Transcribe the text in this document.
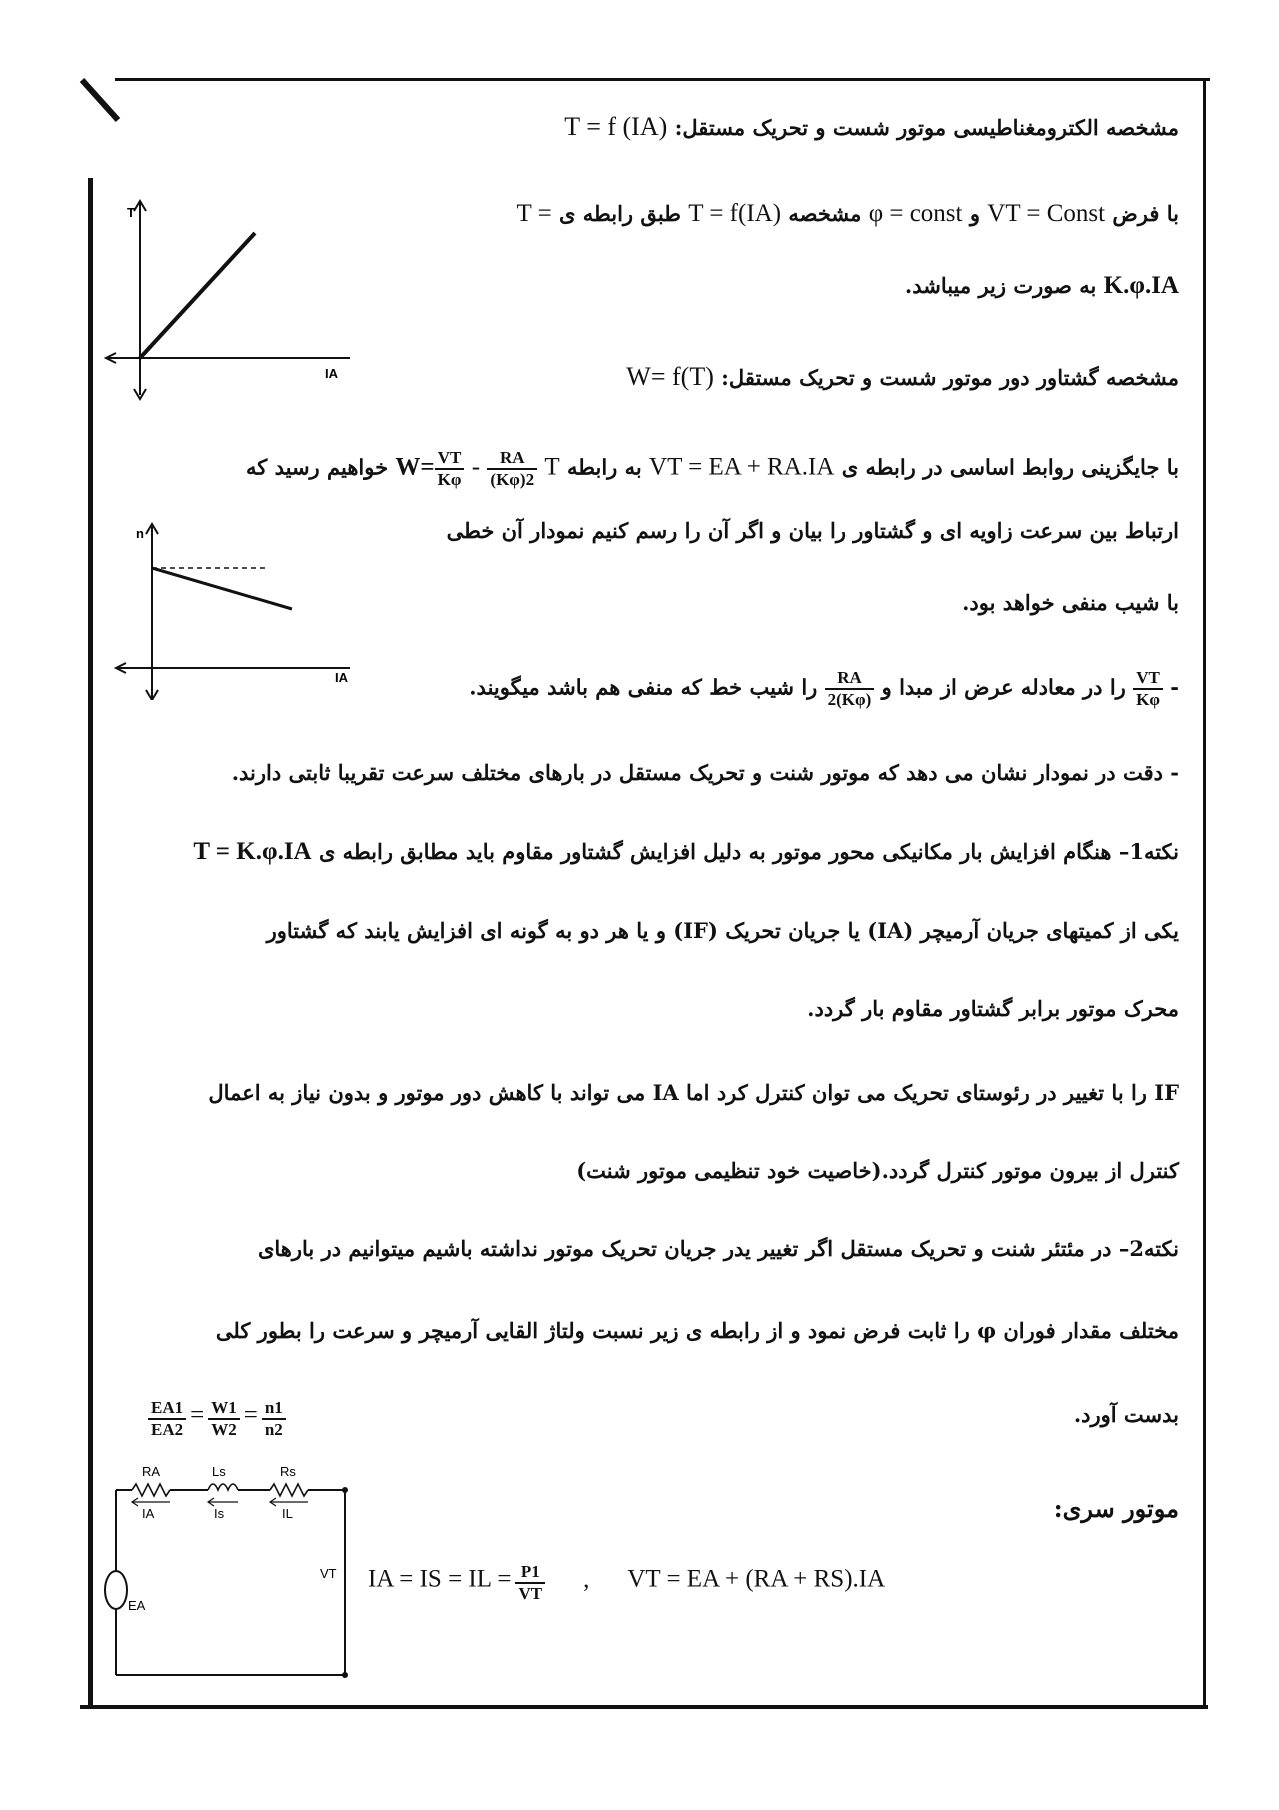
مشخصه الکترومغناطیسی موتور شست و تحریک مستقل: T = f (IA)
با فرض VT = Const و φ = const مشخصه T = f(IA) طبق رابطه ی T =
K.φ.IA به صورت زیر میباشد.
مشخصه گشتاور دور موتور شست و تحریک مستقل: W= f(T)
با جایگزینی روابط اساسی در رابطه ی VT = EA + RA.IA به رابطه $W= \frac{VT}{K\varphi} - \frac{RA}{(K\varphi)2}$ T خواهیم رسید که
ارتباط بین سرعت زاویه ای و گشتاور را بیان و اگر آن را رسم کنیم نمودار آن خطی
با شیب منفی خواهد بود.
-
$\frac{VT}{K\varphi}$
را در معادله عرض از مبدا و
$\frac{RA}{(K\varphi)2}$
را شیب خط که منفی هم باشد میگویند.
- دقت در نمودار نشان می دهد که موتور شنت و تحریک مستقل در بارهای مختلف سرعت تقریبا ثابتی دارند.
نکته1– هنگام افزایش بار مکانیکی محور موتور به دلیل افزایش گشتاور مقاوم باید مطابق رابطه ی T = K.φ.IA
یکی از کمیتهای جریان آرمیچر (IA) یا جریان تحریک (IF) و یا هر دو به گونه ای افزایش یابند که گشتاور
محرک موتور برابر گشتاور مقاوم بار گردد.
IF را با تغییر در رئوستای تحریک می توان کنترل کرد اما IA می تواند با کاهش دور موتور و بدون نیاز به اعمال
کنترل از بیرون موتور کنترل گردد.(خاصیت خود تنظیمی موتور شنت)
نکته2– در مئتئر شنت و تحریک مستقل اگر تغییر یدر جریان تحریک موتور نداشته باشیم میتوانیم در بارهای
مختلف مقدار فوران φ را ثابت فرض نمود و از رابطه ی زیر نسبت ولتاژ القایی آرمیچر و سرعت را بطور کلی
بدست آورد.
$\frac{EA1}{EA2} = \frac{W1}{W2} = \frac{n1}{n2}$
موتور سری:
IA = IS = IL = $\frac{P1}{VT}$ , VT = EA + (RA + RS).IA
T
IA
n
IA
RA	Ls	Rs
IA	Is	IL
VT
EA
